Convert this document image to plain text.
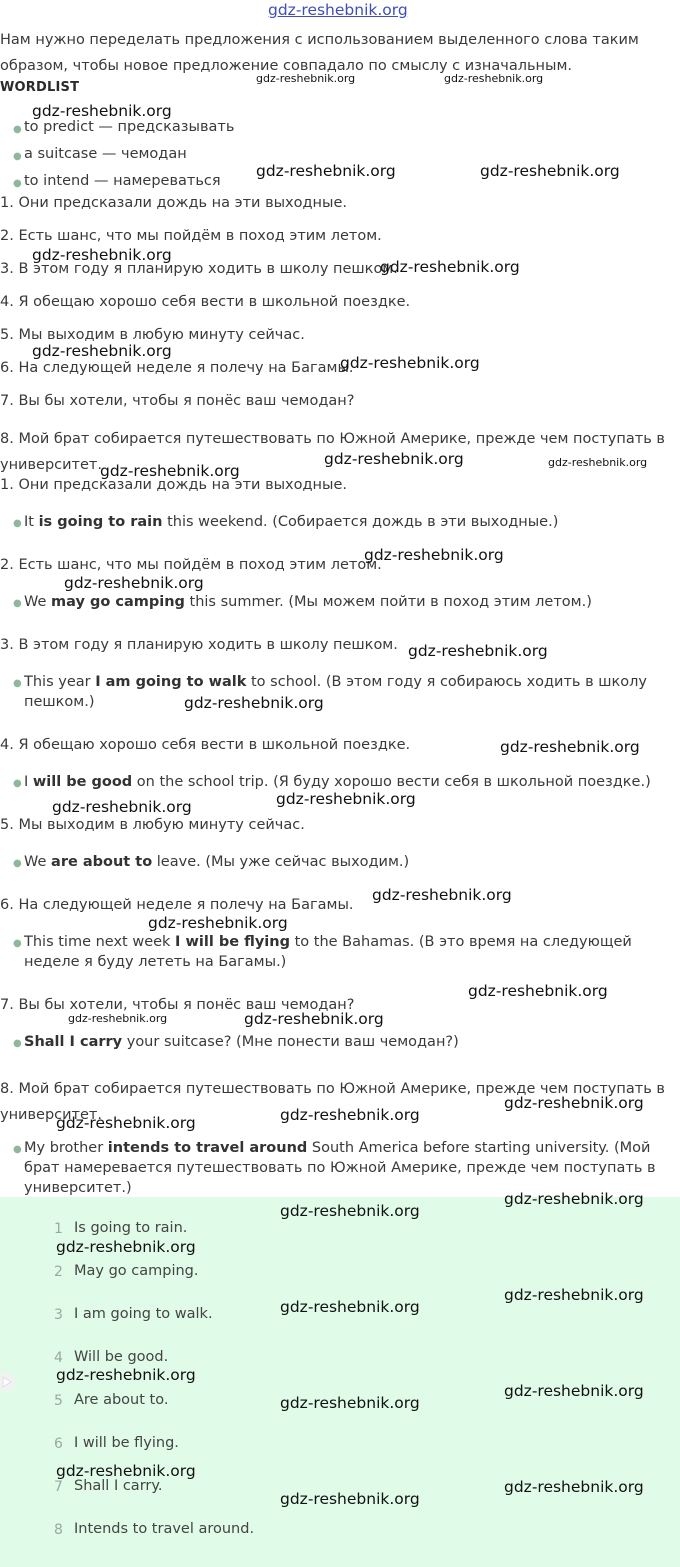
gdz-reshebnik.org
Нам нужно переделать предложения с использованием выделенного слова таким образом, чтобы новое предложение совпадало по смыслу с изначальным.
WORDLIST
● to predict — предсказывать
● a suitcase — чемодан
● to intend — намереваться
1. Они предсказали дождь на эти выходные.
2. Есть шанс, что мы пойдём в поход этим летом.
3. В этом году я планирую ходить в школу пешком.
4. Я обещаю хорошо себя вести в школьной поездке.
5. Мы выходим в любую минуту сейчас.
6. На следующей неделе я полечу на Багамы.
7. Вы бы хотели, чтобы я понёс ваш чемодан?
8. Мой брат собирается путешествовать по Южной Америке, прежде чем поступать в университет.
1. Они предсказали дождь на эти выходные.
● It is going to rain this weekend. (Собирается дождь в эти выходные.)
2. Есть шанс, что мы пойдём в поход этим летом.
● We may go camping this summer. (Мы можем пойти в поход этим летом.)
3. В этом году я планирую ходить в школу пешком.
● This year I am going to walk to school. (В этом году я собираюсь ходить в школу пешком.)
4. Я обещаю хорошо себя вести в школьной поездке.
● I will be good on the school trip. (Я буду хорошо вести себя в школьной поездке.)
5. Мы выходим в любую минуту сейчас.
● We are about to leave. (Мы уже сейчас выходим.)
6. На следующей неделе я полечу на Багамы.
● This time next week I will be flying to the Bahamas. (В это время на следующей неделе я буду лететь на Багамы.)
7. Вы бы хотели, чтобы я понёс ваш чемодан?
● Shall I carry your suitcase? (Мне понести ваш чемодан?)
8. Мой брат собирается путешествовать по Южной Америке, прежде чем поступать в университет.
● My brother intends to travel around South America before starting university. (Мой брат намеревается путешествовать по Южной Америке, прежде чем поступать в университет.)
1 Is going to rain.
2 May go camping.
3 I am going to walk.
4 Will be good.
5 Are about to.
6 I will be flying.
7 Shall I carry.
8 Intends to travel around.
gdz-reshebnik.org	gdz-reshebnik.org
gdz-reshebnik.org
gdz-reshebnik.org	gdz-reshebnik.org
gdz-reshebnik.org
gdz-reshebnik.org
gdz-reshebnik.org
gdz-reshebnik.org
gdz-reshebnik.org
gdz-reshebnik.org	gdz-reshebnik.org
gdz-reshebnik.org
gdz-reshebnik.org
gdz-reshebnik.org
gdz-reshebnik.org
gdz-reshebnik.org
gdz-reshebnik.org
gdz-reshebnik.org
gdz-reshebnik.org
gdz-reshebnik.org
gdz-reshebnik.org
gdz-reshebnik.org
gdz-reshebnik.org
gdz-reshebnik.org
gdz-reshebnik.org
gdz-reshebnik.org
gdz-reshebnik.org
gdz-reshebnik.org
gdz-reshebnik.org
gdz-reshebnik.org
gdz-reshebnik.org
gdz-reshebnik.org
gdz-reshebnik.org
gdz-reshebnik.org
gdz-reshebnik.org
gdz-reshebnik.org
gdz-reshebnik.org
